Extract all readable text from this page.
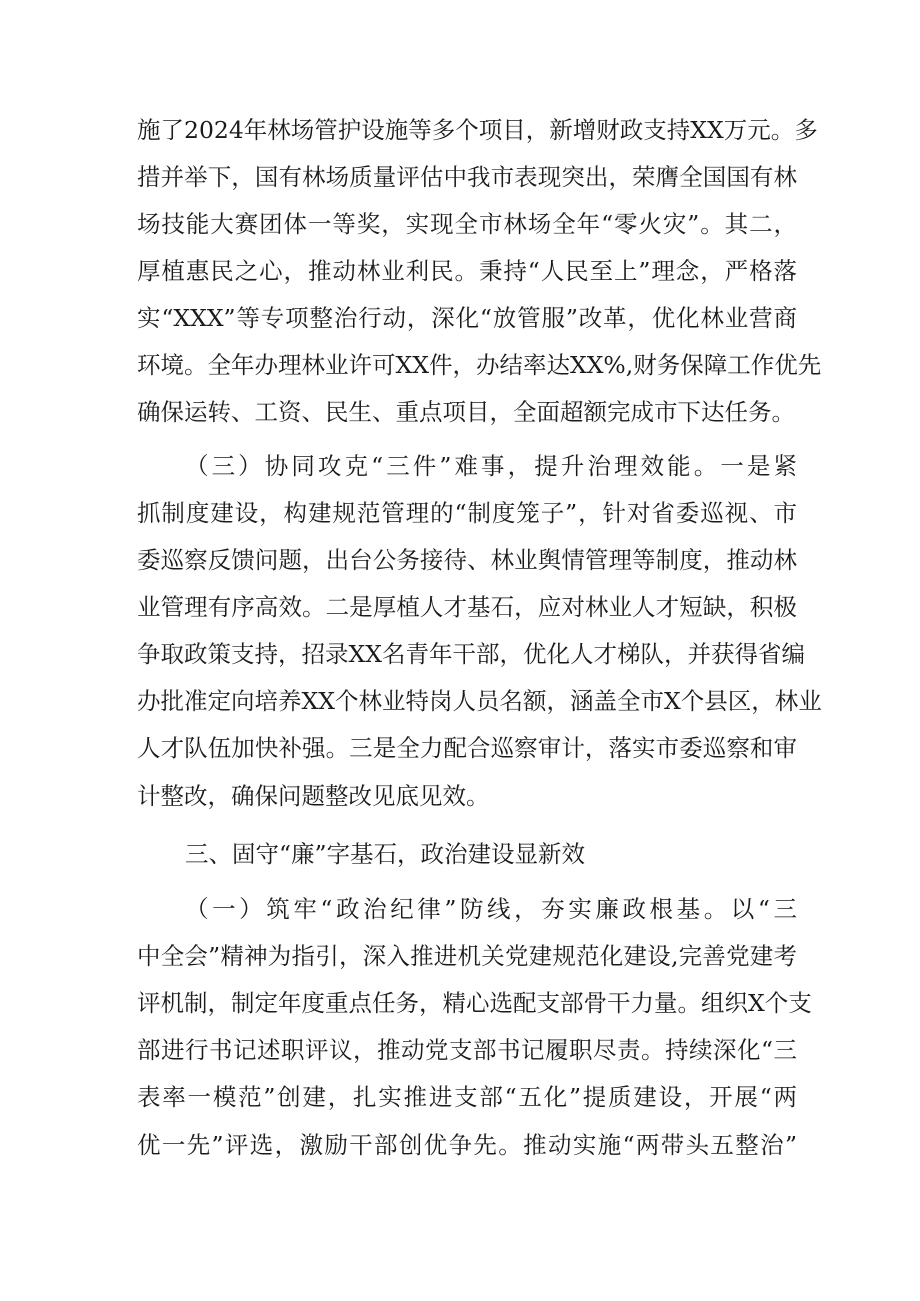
施了2024年林场管护设施等多个项目，新增财政支持XX万元。多
措并举下，国有林场质量评估中我市表现突出，荣膺全国国有林
场技能大赛团体一等奖，实现全市林场全年“零火灾”。其二，
厚植惠民之心，推动林业利民。秉持“人民至上”理念，严格落
实“XXX”等专项整治行动，深化“放管服”改革，优化林业营商
环境。全年办理林业许可XX件，办结率达XX%,财务保障工作优先
确保运转、工资、民生、重点项目，全面超额完成市下达任务。
（三）协同攻克“三件”难事，提升治理效能。一是紧
抓制度建设，构建规范管理的“制度笼子”，针对省委巡视、市
委巡察反馈问题，出台公务接待、林业舆情管理等制度，推动林
业管理有序高效。二是厚植人才基石，应对林业人才短缺，积极
争取政策支持，招录XX名青年干部，优化人才梯队，并获得省编
办批准定向培养XX个林业特岗人员名额，涵盖全市X个县区，林业
人才队伍加快补强。三是全力配合巡察审计，落实市委巡察和审
计整改，确保问题整改见底见效。
三、固守“廉”字基石，政治建设显新效
（一）筑牢“政治纪律”防线，夯实廉政根基。以“三
中全会”精神为指引，深入推进机关党建规范化建设,完善党建考
评机制，制定年度重点任务，精心选配支部骨干力量。组织X个支
部进行书记述职评议，推动党支部书记履职尽责。持续深化“三
表率一模范”创建，扎实推进支部“五化”提质建设，开展“两
优一先”评选，激励干部创优争先。推动实施“两带头五整治”
